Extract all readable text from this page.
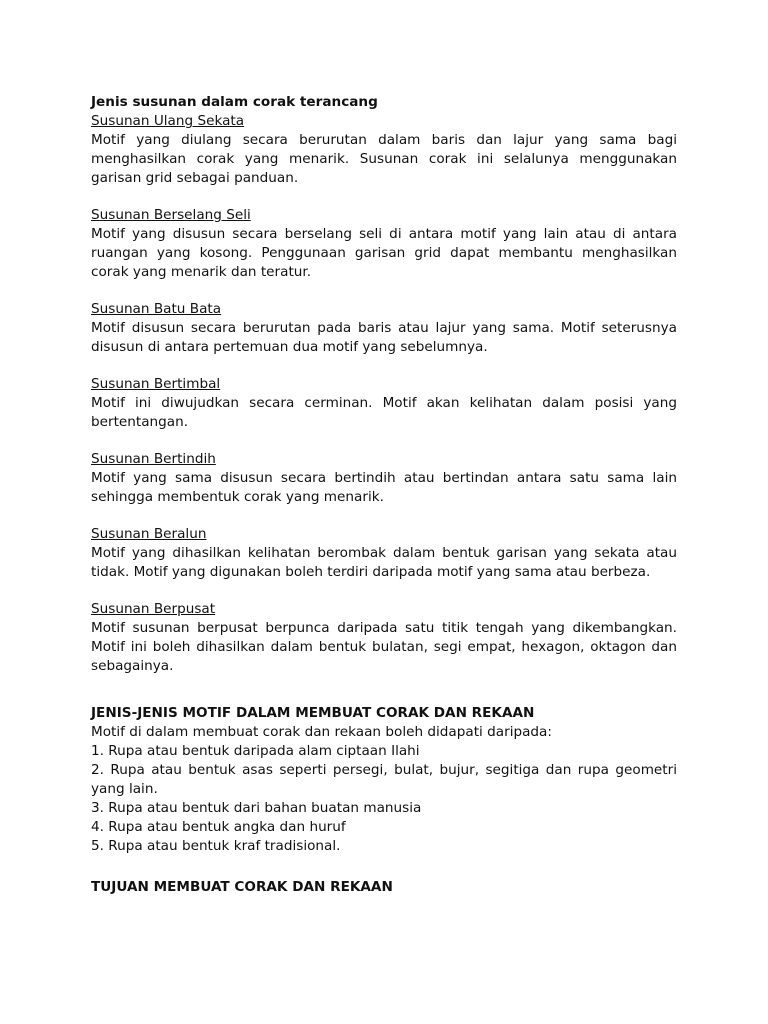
Jenis susunan dalam corak terancang

Susunan Ulang Sekata

Motif yang diulang secara berurutan dalam baris dan lajur yang sama bagi menghasilkan corak yang menarik. Susunan corak ini selalunya menggunakan garisan grid sebagai panduan.

Susunan Berselang Seli

Motif yang disusun secara berselang seli di antara motif yang lain atau di antara ruangan yang kosong. Penggunaan garisan grid dapat membantu menghasilkan corak yang menarik dan teratur.

Susunan Batu Bata

Motif disusun secara berurutan pada baris atau lajur yang sama. Motif seterusnya disusun di antara pertemuan dua motif yang sebelumnya.

Susunan Bertimbal

Motif ini diwujudkan secara cerminan. Motif akan kelihatan dalam posisi yang bertentangan.

Susunan Bertindih

Motif yang sama disusun secara bertindih atau bertindan antara satu sama lain sehingga membentuk corak yang menarik.

Susunan Beralun

Motif yang dihasilkan kelihatan berombak dalam bentuk garisan yang sekata atau tidak. Motif yang digunakan boleh terdiri daripada motif yang sama atau berbeza.

Susunan Berpusat

Motif susunan berpusat berpunca daripada satu titik tengah yang dikembangkan. Motif ini boleh dihasilkan dalam bentuk bulatan, segi empat, hexagon, oktagon dan sebagainya.

JENIS-JENIS MOTIF DALAM MEMBUAT CORAK DAN REKAAN

Motif di dalam membuat corak dan rekaan boleh didapati daripada:

1. Rupa atau bentuk daripada alam ciptaan Ilahi
2. Rupa atau bentuk asas seperti persegi, bulat, bujur, segitiga dan rupa geometri yang lain.
3. Rupa atau bentuk dari bahan buatan manusia
4. Rupa atau bentuk angka dan huruf
5. Rupa atau bentuk kraf tradisional.

TUJUAN MEMBUAT CORAK DAN REKAAN
